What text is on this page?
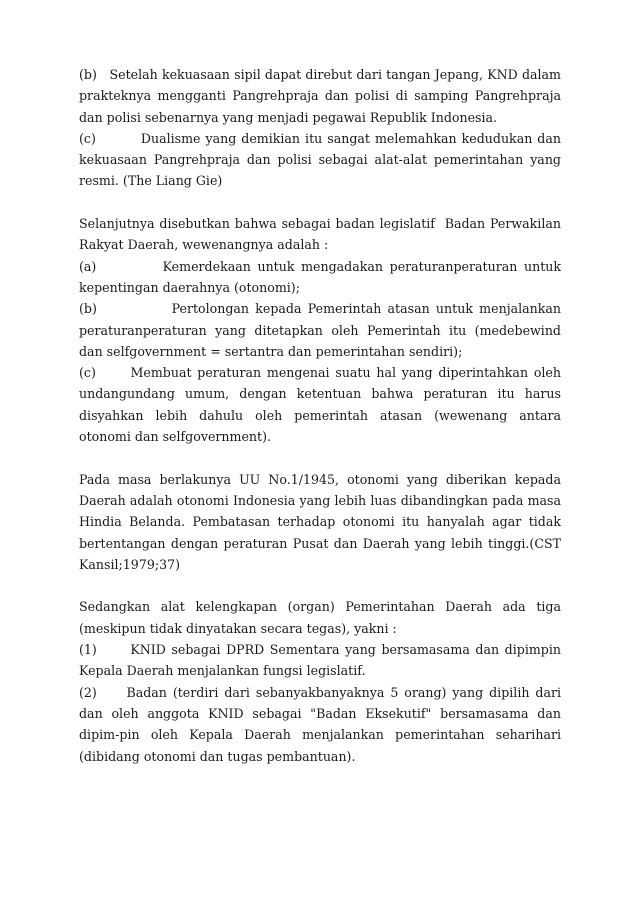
(b)   Setelah kekuasaan sipil dapat direbut dari tangan Jepang, KND dalam prakteknya mengganti Pangrehpraja dan polisi di samping Pangrehpraja dan polisi sebenarnya yang menjadi pegawai Republik Indonesia.

(c)         Dualisme yang demikian itu sangat melemahkan kedudukan dan kekuasaan Pangrehpraja dan polisi sebagai alat-alat pemerintahan yang resmi. (The Liang Gie)

Selanjutnya disebutkan bahwa sebagai badan legislatif  Badan Perwakilan Rakyat Daerah, wewenangnya adalah :

(a)          Kemerdekaan untuk mengadakan peraturanperaturan untuk kepentingan daerahnya (otonomi);

(b)            Pertolongan kepada Pemerintah atasan untuk menjalankan peraturanperaturan yang ditetapkan oleh Pemerintah itu (medebewind dan selfgovernment = sertantra dan pemerintahan sendiri);

(c)      Membuat peraturan mengenai suatu hal yang diperintahkan oleh undangundang umum, dengan ketentuan bahwa peraturan itu harus disyahkan lebih dahulu oleh pemerintah atasan (wewenang antara otonomi dan selfgovernment).

Pada masa berlakunya UU No.1/1945, otonomi yang diberikan kepada Daerah adalah otonomi Indonesia yang lebih luas dibandingkan pada masa Hindia Belanda. Pembatasan terhadap otonomi itu hanyalah agar tidak bertentangan dengan peraturan Pusat dan Daerah yang lebih tinggi.(CST Kansil;1979;37)

Sedangkan alat kelengkapan (organ) Pemerintahan Daerah ada tiga (meskipun tidak dinyatakan secara tegas), yakni :

(1)      KNID sebagai DPRD Sementara yang bersamasama dan dipimpin Kepala Daerah menjalankan fungsi legislatif.

(2)     Badan (terdiri dari sebanyakbanyaknya 5 orang) yang dipilih dari dan oleh anggota KNID sebagai "Badan Eksekutif" bersamasama dan dipim-pin oleh Kepala Daerah menjalankan pemerintahan seharihari (dibidang otonomi dan tugas pembantuan).
